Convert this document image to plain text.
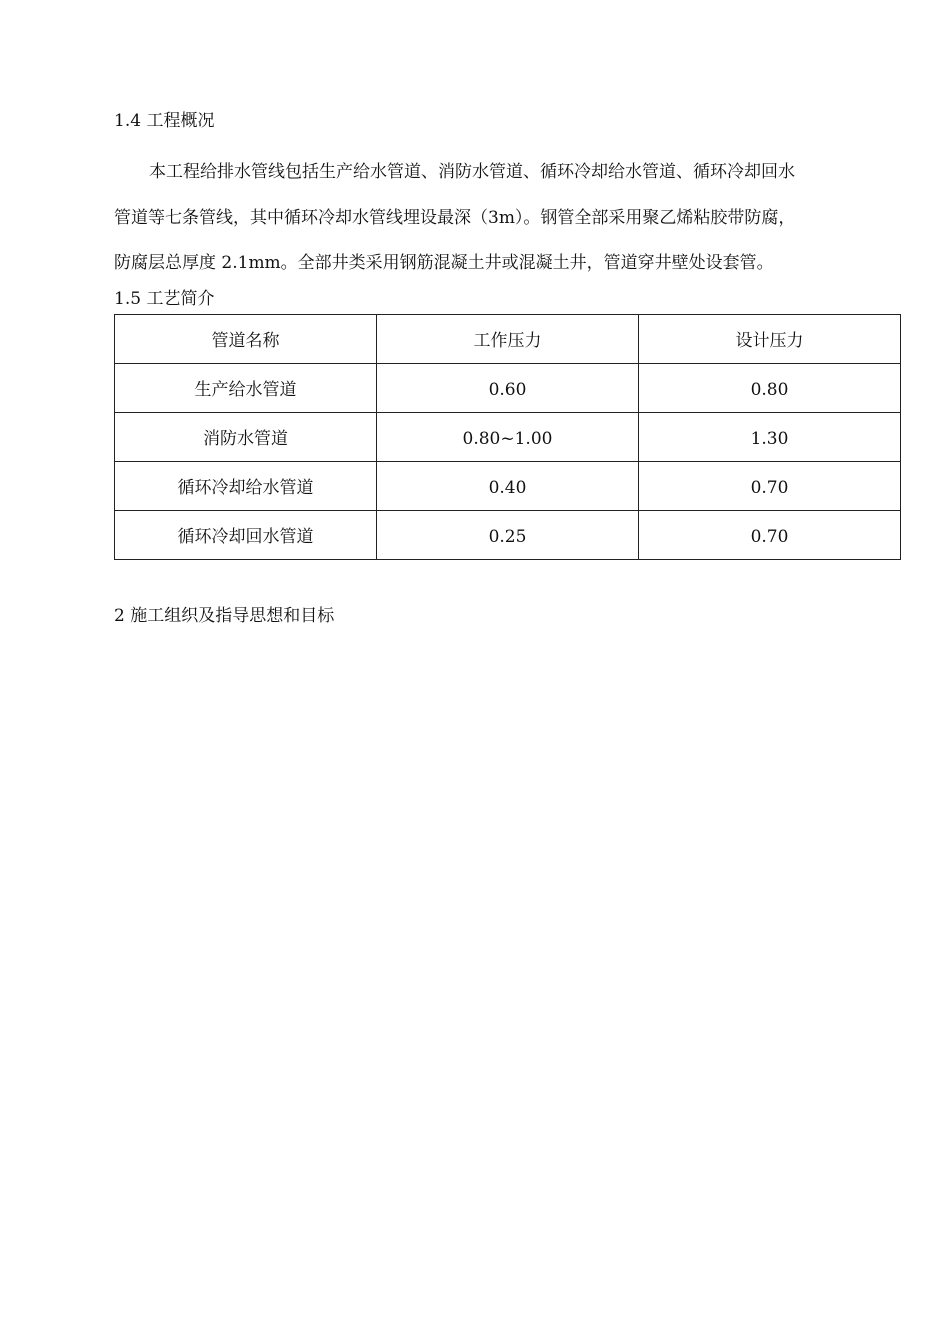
1.4 工程概况

本工程给排水管线包括生产给水管道、消防水管道、循环冷却给水管道、循环冷却回水
管道等七条管线，其中循环冷却水管线埋设最深（3m）。钢管全部采用聚乙烯粘胶带防腐，
防腐层总厚度 2.1mm。全部井类采用钢筋混凝土井或混凝土井，管道穿井壁处设套管。

1.5 工艺简介
管道名称	工作压力	设计压力
生产给水管道	0.60	0.80
消防水管道	0.80~1.00	1.30
循环冷却给水管道	0.40	0.70
循环冷却回水管道	0.25	0.70
2 施工组织及指导思想和目标
